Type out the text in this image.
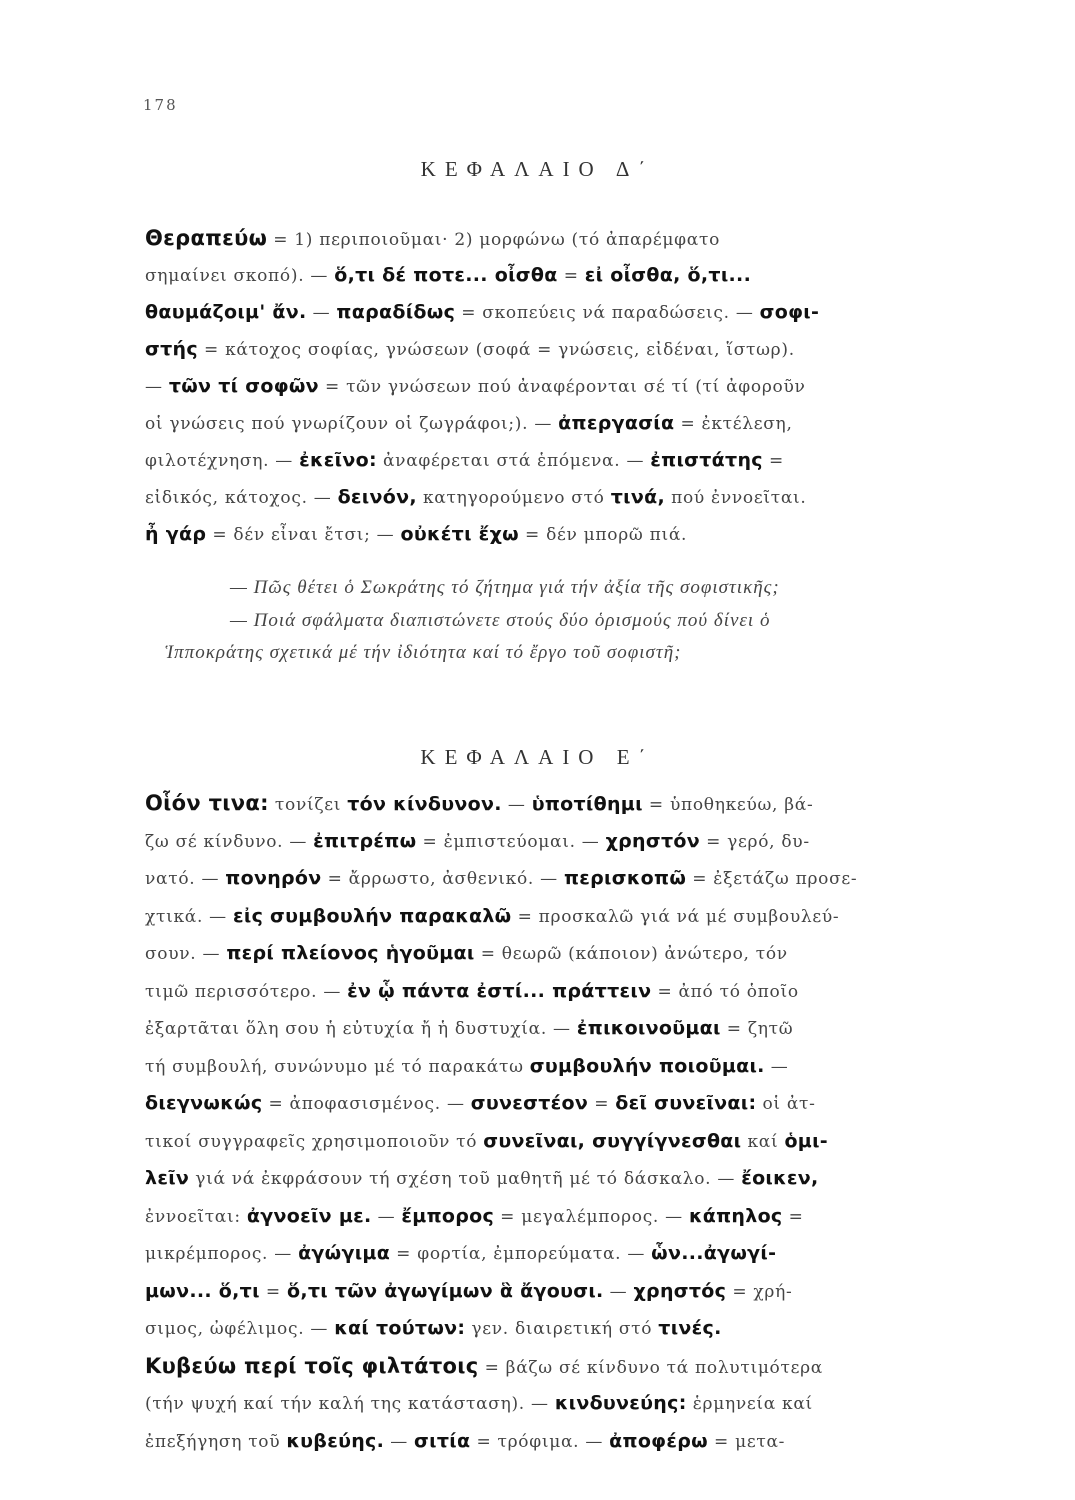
178
ΚΕΦΑΛΑΙΟ Δ΄
Θεραπεύω = 1) περιποιοῦμαι· 2) μορφώνω (τό ἀπαρέμφατο
σημαίνει σκοπό). — ὅ,τι δέ ποτε... οἶσθα = εἰ οἶσθα, ὅ,τι...
θαυμάζοιμ' ἄν. — παραδίδως = σκοπεύεις νά παραδώσεις. — σοφι-
στής = κάτοχος σοφίας, γνώσεων (σοφά = γνώσεις, εἰδέναι, ἵστωρ).
— τῶν τί σοφῶν = τῶν γνώσεων πού ἀναφέρονται σέ τί (τί ἀφοροῦν
οἱ γνώσεις πού γνωρίζουν οἱ ζωγράφοι;). — ἀπεργασία = ἐκτέλεση,
φιλοτέχνηση. — ἐκεῖνο: ἀναφέρεται στά ἑπόμενα. — ἐπιστάτης =
εἰδικός, κάτοχος. — δεινόν, κατηγορούμενο στό τινά, πού ἐννοεῖται.
ἦ γάρ = δέν εἶναι ἔτσι; — οὐκέτι ἔχω = δέν μπορῶ πιά.
— Πῶς θέτει ὁ Σωκράτης τό ζήτημα γιά τήν ἀξία τῆς σοφιστικῆς;
— Ποιά σφάλματα διαπιστώνετε στούς δύο ὁρισμούς πού δίνει ὁ
Ἱπποκράτης σχετικά μέ τήν ἰδιότητα καί τό ἔργο τοῦ σοφιστῆ;
ΚΕΦΑΛΑΙΟ Ε΄
Οἷόν τινα: τονίζει τόν κίνδυνον. — ὑποτίθημι = ὑποθηκεύω, βά-
ζω σέ κίνδυνο. — ἐπιτρέπω = ἐμπιστεύομαι. — χρηστόν = γερό, δυ-
νατό. — πονηρόν = ἄρρωστο, ἀσθενικό. — περισκοπῶ = ἐξετάζω προσε-
χτικά. — εἰς συμβουλήν παρακαλῶ = προσκαλῶ γιά νά μέ συμβουλεύ-
σουν. — περί πλείονος ἡγοῦμαι = θεωρῶ (κάποιον) ἀνώτερο, τόν
τιμῶ περισσότερο. — ἐν ᾧ πάντα ἐστί... πράττειν = ἀπό τό ὁποῖο
ἐξαρτᾶται ὅλη σου ἡ εὐτυχία ἤ ἡ δυστυχία. — ἐπικοινοῦμαι = ζητῶ
τή συμβουλή, συνώνυμο μέ τό παρακάτω συμβουλήν ποιοῦμαι. —
διεγνωκώς = ἀποφασισμένος. — συνεστέον = δεῖ συνεῖναι: οἱ ἀτ-
τικοί συγγραφεῖς χρησιμοποιοῦν τό συνεῖναι, συγγίγνεσθαι καί ὁμι-
λεῖν γιά νά ἐκφράσουν τή σχέση τοῦ μαθητῆ μέ τό δάσκαλο. — ἔοικεν,
ἐννοεῖται: ἀγνοεῖν με. — ἔμπορος = μεγαλέμπορος. — κάπηλος =
μικρέμπορος. — ἀγώγιμα = φορτία, ἐμπορεύματα. — ὧν...ἀγωγί-
μων... ὅ,τι = ὅ,τι τῶν ἀγωγίμων ἃ ἄγουσι. — χρηστός = χρή-
σιμος, ὠφέλιμος. — καί τούτων: γεν. διαιρετική στό τινές.
Κυβεύω περί τοῖς φιλτάτοις = βάζω σέ κίνδυνο τά πολυτιμότερα
(τήν ψυχή καί τήν καλή της κατάσταση). — κινδυνεύης: ἑρμηνεία καί
ἐπεξήγηση τοῦ κυβεύης. — σιτία = τρόφιμα. — ἀποφέρω = μετα-
